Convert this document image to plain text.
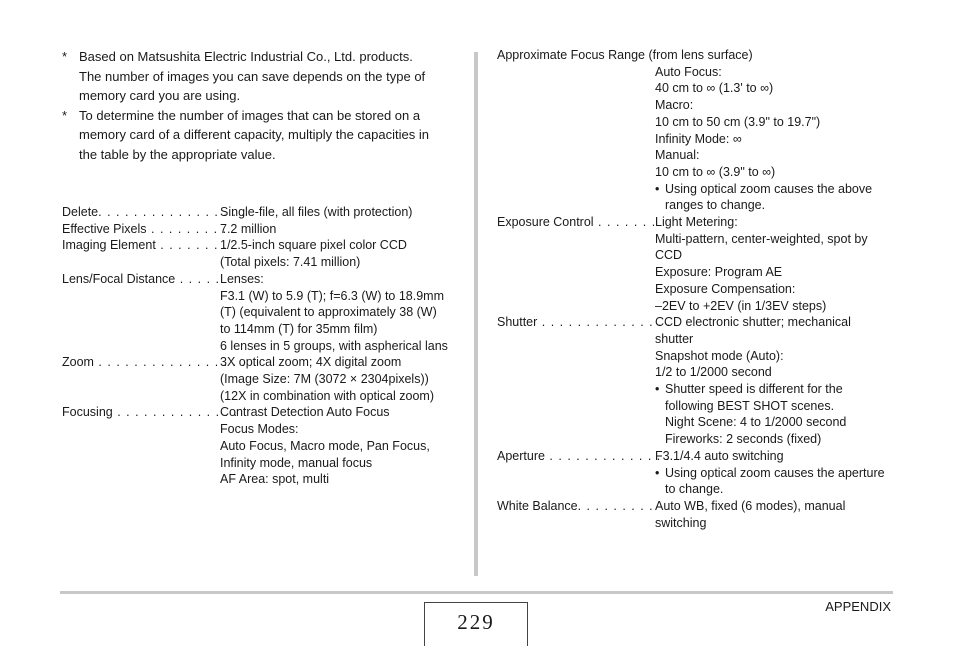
* Based on Matsushita Electric Industrial Co., Ltd. products.
The number of images you can save depends on the type of
memory card you are using.
* To determine the number of images that can be stored on a
memory card of a different capacity, multiply the capacities in
the table by the appropriate value.
Delete. . . . . . . . . . . . . . . . .
Single-file, all files (with protection)
Effective Pixels . . . . . . . . .
7.2 million
Imaging Element . . . . . . . .
1/2.5-inch square pixel color CCD
(Total pixels: 7.41 million)
Lens/Focal Distance . . . . . Lenses:
F3.1 (W) to 5.9 (T); f=6.3 (W) to 18.9mm
(T) (equivalent to approximately 38 (W)
to 114mm (T) for 35mm film)
6 lenses in 5 groups, with aspherical lans
Zoom . . . . . . . . . . . . . . . . .
3X optical zoom; 4X digital zoom
(Image Size: 7M (3072 × 2304pixels))
(12X in combination with optical zoom)
Focusing . . . . . . . . . . . . . .
Contrast Detection Auto Focus
Focus Modes:
Auto Focus, Macro mode, Pan Focus,
Infinity mode, manual focus
AF Area: spot, multi
Approximate Focus Range (from lens surface)
Auto Focus:
40 cm to ∞ (1.3' to ∞)
Macro:
10 cm to 50 cm (3.9" to 19.7")
Infinity Mode: ∞
Manual:
10 cm to ∞ (3.9" to ∞)
• Using optical zoom causes the above
ranges to change.
Exposure Control . . . . . . .
Light Metering:
Multi-pattern, center-weighted, spot by
CCD
Exposure: Program AE
Exposure Compensation:
–2EV to +2EV (in 1/3EV steps)
Shutter . . . . . . . . . . . . . . .
CCD electronic shutter; mechanical
shutter
Snapshot mode (Auto):
1/2 to 1/2000 second
• Shutter speed is different for the
following BEST SHOT scenes.
Night Scene: 4 to 1/2000 second
Fireworks: 2 seconds (fixed)
Aperture . . . . . . . . . . . . . .
F3.1/4.4 auto switching
• Using optical zoom causes the aperture
to change.
White Balance. . . . . . . . . Auto WB, fixed (6 modes), manual
switching
229
APPENDIX
